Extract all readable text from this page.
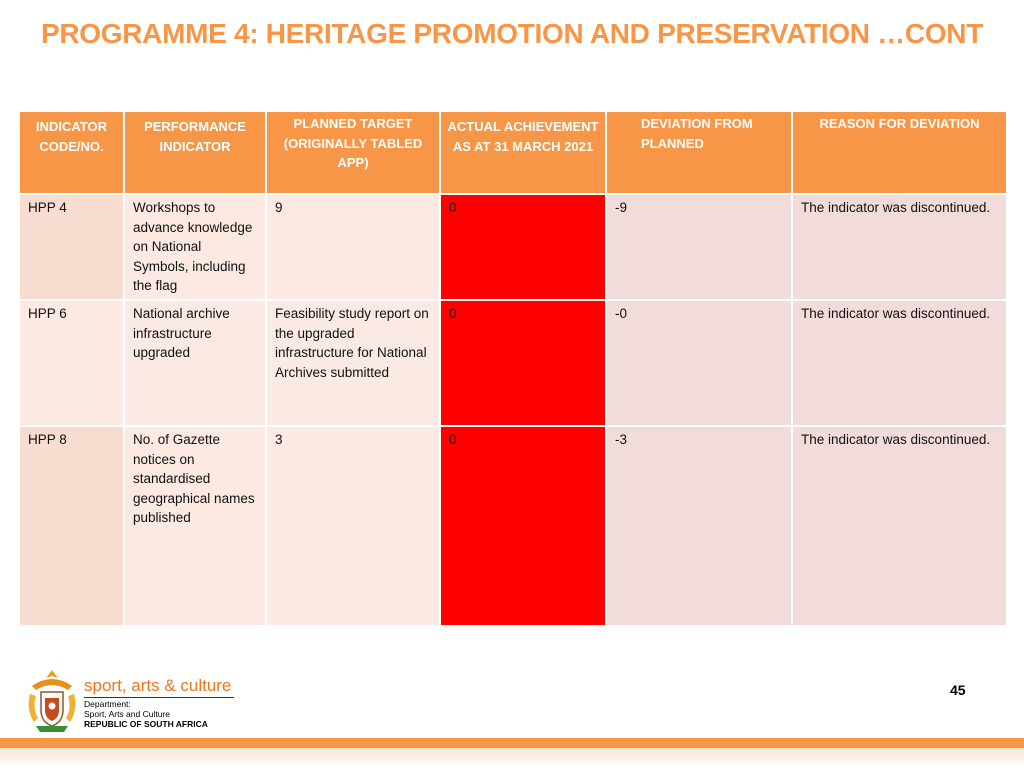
PROGRAMME 4: HERITAGE PROMOTION AND PRESERVATION …CONT
INDICATOR CODE/NO.	PERFORMANCE INDICATOR	PLANNED TARGET (ORIGINALLY TABLED APP)	ACTUAL ACHIEVEMENT AS AT 31 MARCH 2021	DEVIATION FROM PLANNED	REASON FOR DEVIATION
HPP 4	Workshops to advance knowledge on National Symbols, including the flag	9	0	-9	The indicator was discontinued.
HPP 6	National archive infrastructure upgraded	Feasibility study report on the upgraded infrastructure for National Archives submitted	0	-0	The indicator was discontinued.
HPP 8	No. of Gazette notices on standardised geographical names published	3	0	-3	The indicator was discontinued.
45
sport, arts & culture
Department:
Sport, Arts and Culture
REPUBLIC OF SOUTH AFRICA
